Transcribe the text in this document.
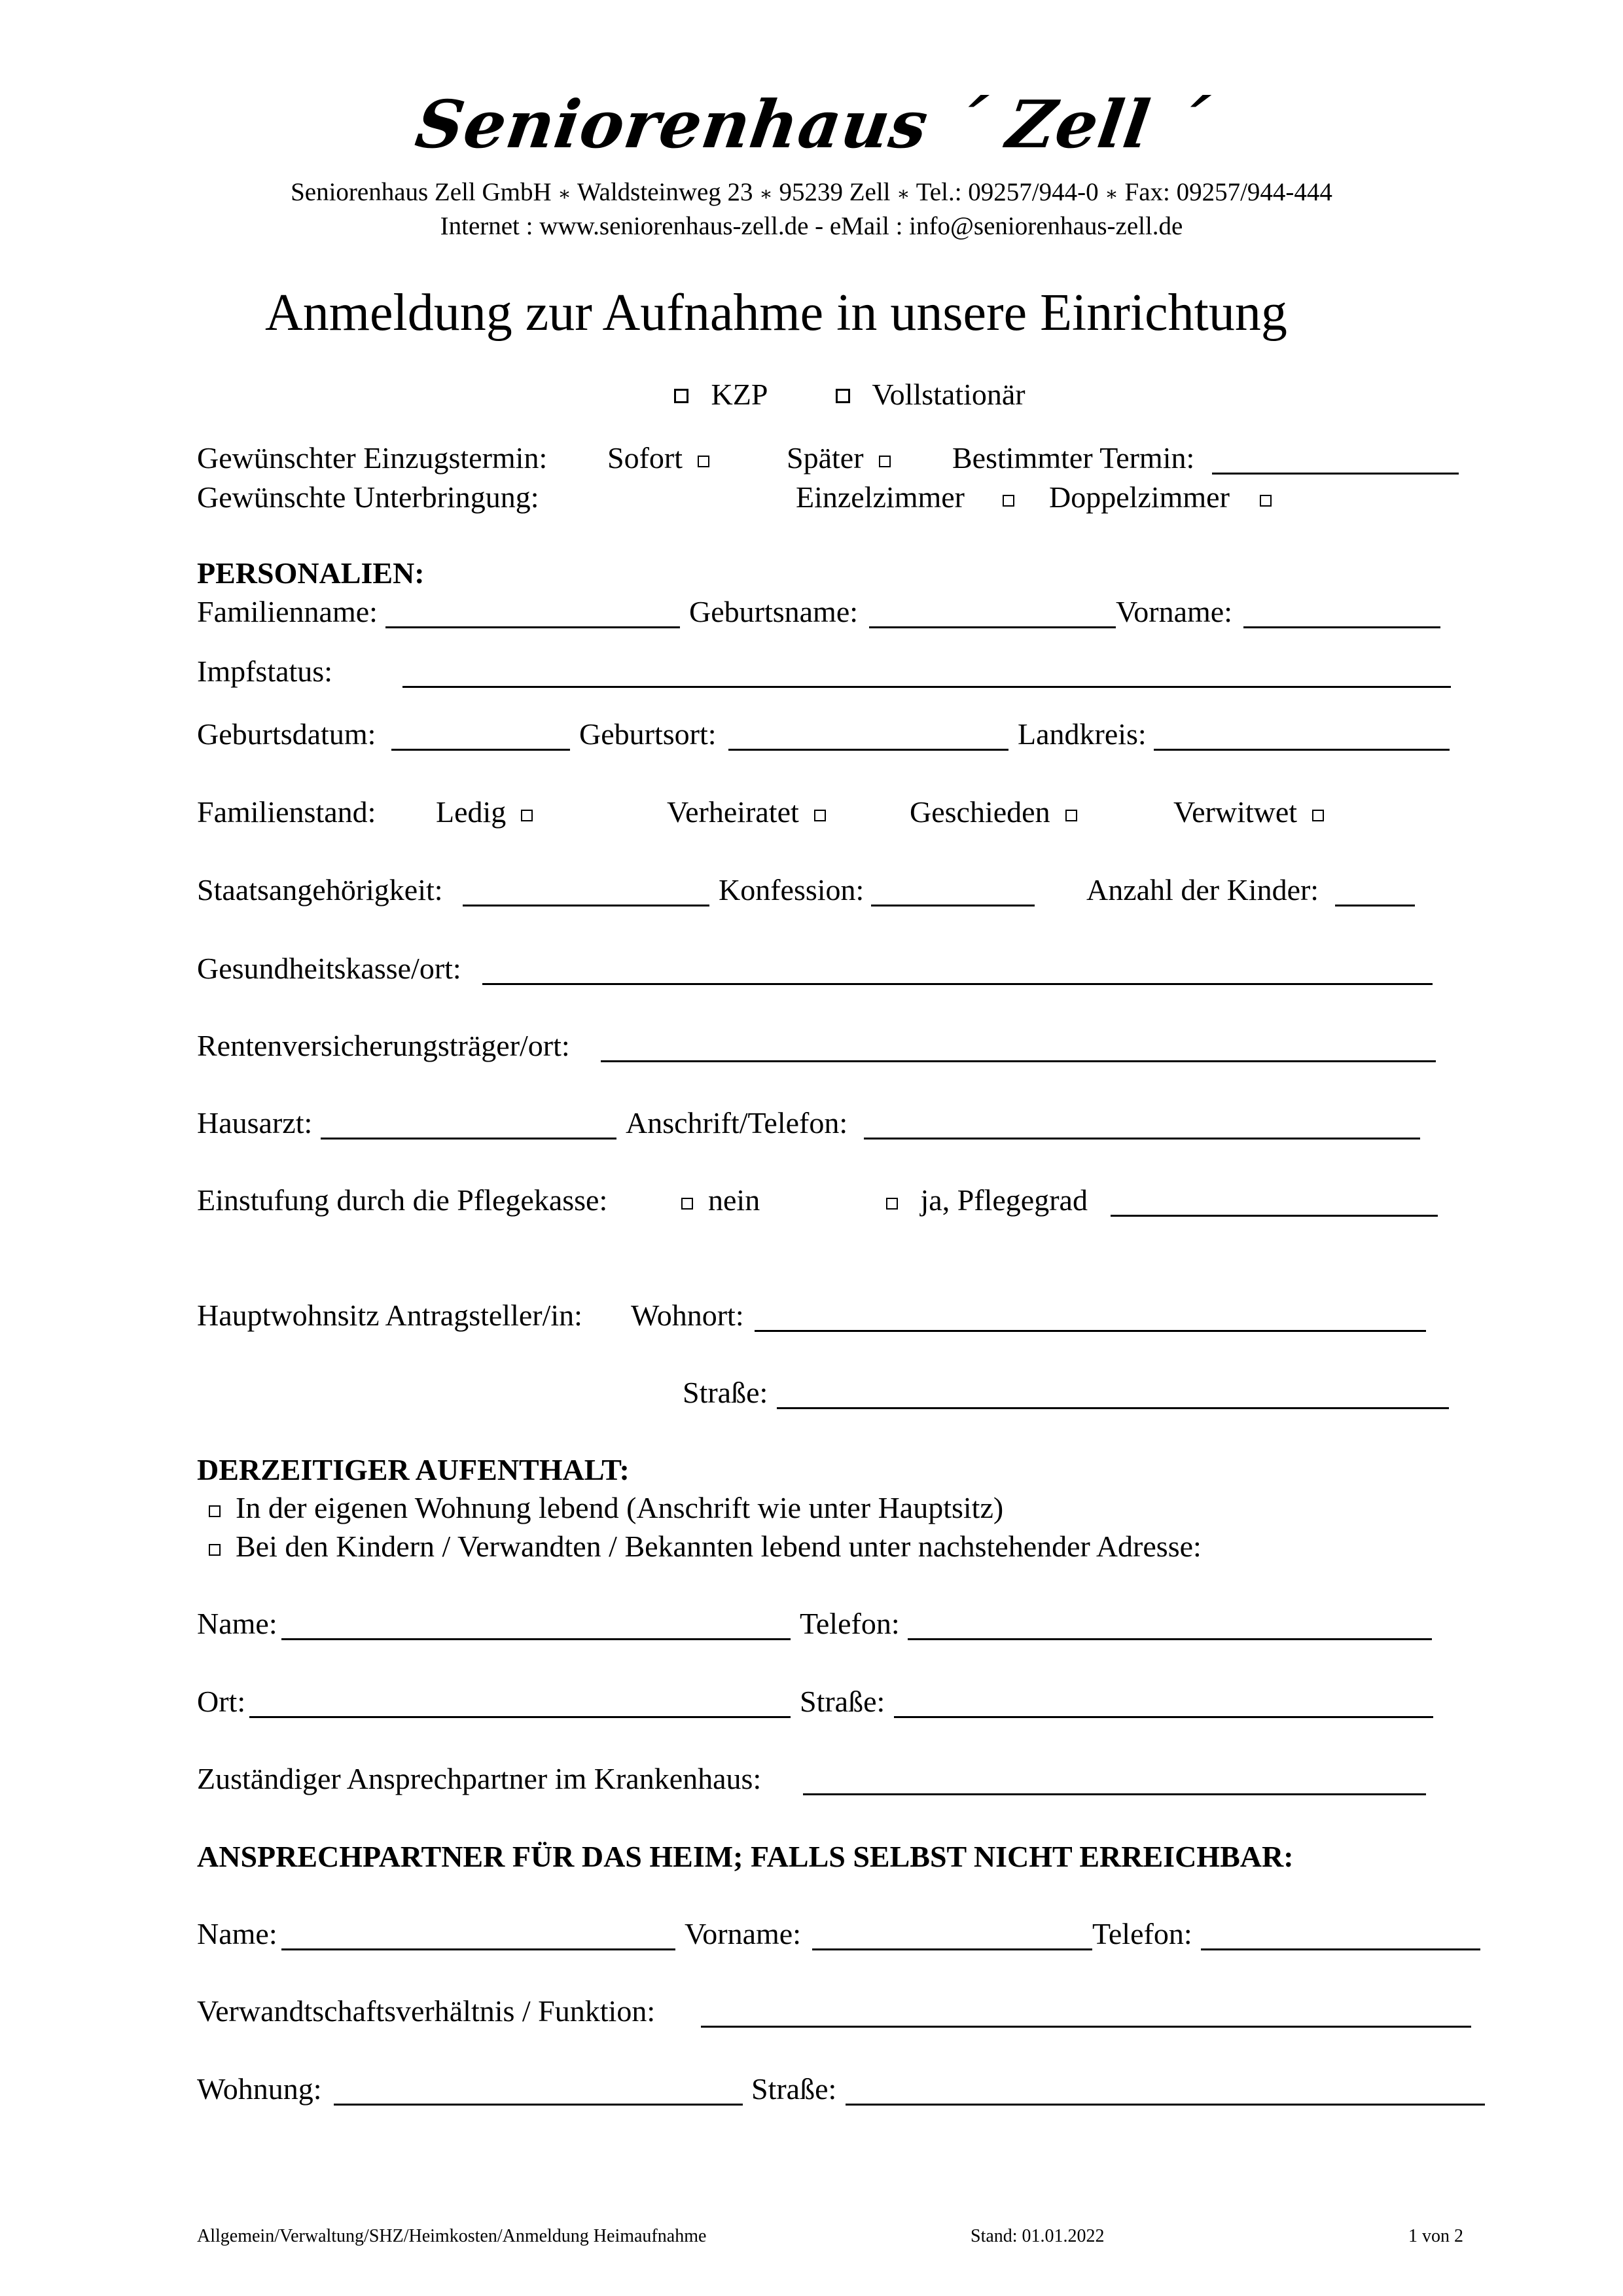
Seniorenhaus ´ Zell ´
Seniorenhaus Zell GmbH ∗ Waldsteinweg 23 ∗ 95239 Zell ∗ Tel.: 09257/944-0 ∗ Fax: 09257/944-444
Internet : www.seniorenhaus-zell.de - eMail : info@seniorenhaus-zell.de
Anmeldung zur Aufnahme in unsere Einrichtung
KZP	Vollstationär
Gewünschter Einzugstermin: Sofort	Später	Bestimmter Termin:
Gewünschte Unterbringung:	Einzelzimmer	Doppelzimmer
PERSONALIEN:
Familienname:	Geburtsname:	Vorname:
Impfstatus:
Geburtsdatum:	Geburtsort:	Landkreis:
Familienstand: Ledig	Verheiratet	Geschieden	Verwitwet
Staatsangehörigkeit:	Konfession:	Anzahl der Kinder:
Gesundheitskasse/ort:
Rentenversicherungsträger/ort:
Hausarzt:	Anschrift/Telefon:
Einstufung durch die Pflegekasse:	nein	ja, Pflegegrad
Hauptwohnsitz Antragsteller/in: Wohnort:
Straße:
DERZEITIGER AUFENTHALT:
In der eigenen Wohnung lebend (Anschrift wie unter Hauptsitz)
Bei den Kindern / Verwandten / Bekannten lebend unter nachstehender Adresse:
Name:	Telefon:
Ort:	Straße:
Zuständiger Ansprechpartner im Krankenhaus:
ANSPRECHPARTNER FÜR DAS HEIM; FALLS SELBST NICHT ERREICHBAR:
Name:	Vorname:	Telefon:
Verwandtschaftsverhältnis / Funktion:
Wohnung:	Straße:
Allgemein/Verwaltung/SHZ/Heimkosten/Anmeldung Heimaufnahme	Stand: 01.01.2022	1 von 2
